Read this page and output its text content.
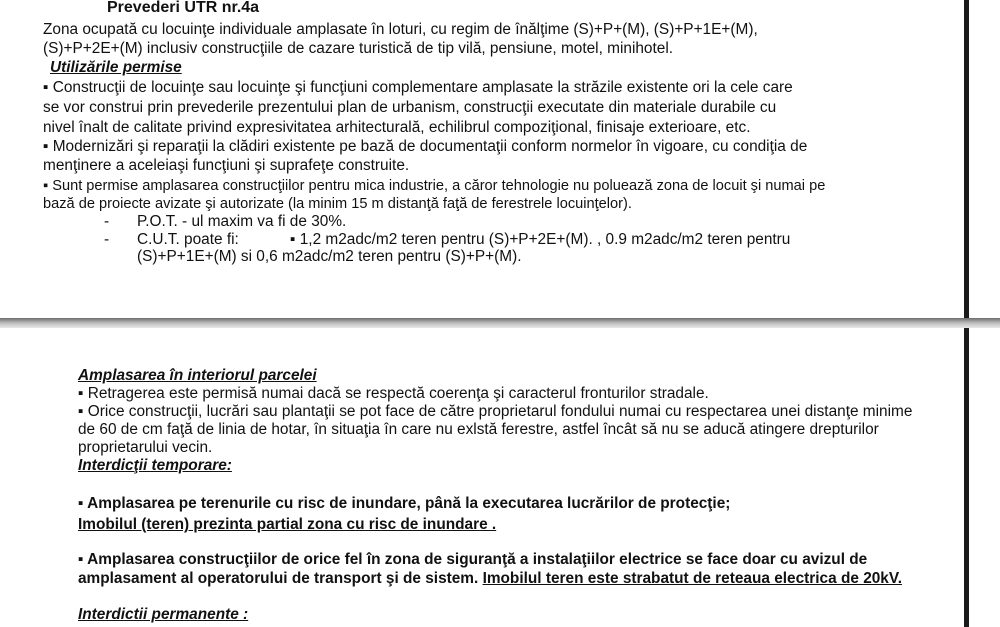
Prevederi UTR nr.4a
Zona ocupată cu locuinţe individuale amplasate în loturi, cu regim de înălţime (S)+P+(M), (S)+P+1E+(M),
(S)+P+2E+(M) inclusiv construcţiile de cazare turistică de tip vilă, pensiune, motel, minihotel.
Utilizările permise
▪ Construcţii de locuinţe sau locuinţe şi funcţiuni complementare amplasate la străzile existente ori la cele care
se vor construi prin prevederile prezentului plan de urbanism, construcţii executate din materiale durabile cu
nivel înalt de calitate privind expresivitatea arhitecturală, echilibrul compoziţional, finisaje exterioare, etc.
▪ Modernizări şi reparaţii la clădiri existente pe bază de documentaţii conform normelor în vigoare, cu condiţia de
menţinere a aceleiaşi funcţiuni şi suprafeţe construite.
▪ Sunt permise amplasarea construcţiilor pentru mica industrie, a căror tehnologie nu poluează zona de locuit şi numai pe
bază de proiecte avizate şi autorizate (la minim 15 m distanţă faţă de ferestrele locuinţelor).
- P.O.T. - ul maxim va fi de 30%.
- C.U.T. poate fi:	▪ 1,2 m2adc/m2 teren pentru (S)+P+2E+(M). , 0.9 m2adc/m2 teren pentru
(S)+P+1E+(M) si 0,6 m2adc/m2 teren pentru (S)+P+(M).
Amplasarea în interiorul parcelei
▪ Retragerea este permisă numai dacă se respectă coerenţa şi caracterul fronturilor stradale.
▪ Orice construcţii, lucrări sau plantaţii se pot face de către proprietarul fondului numai cu respectarea unei distanţe minime
de 60 de cm faţă de linia de hotar, în situaţia în care nu exlstă ferestre, astfel încât să nu se aducă atingere drepturilor
proprietarului vecin.
Interdicţii temporare:
▪ Amplasarea pe terenurile cu risc de inundare, până la executarea lucrărilor de protecţie;
Imobilul (teren) prezinta partial zona cu risc de inundare .
▪ Amplasarea construcţiilor de orice fel în zona de siguranţă a instalaţiilor electrice se face doar cu avizul de
amplasament al operatorului de transport şi de sistem. Imobilul teren este strabatut de reteaua electrica de 20kV.
Interdictii permanente :
